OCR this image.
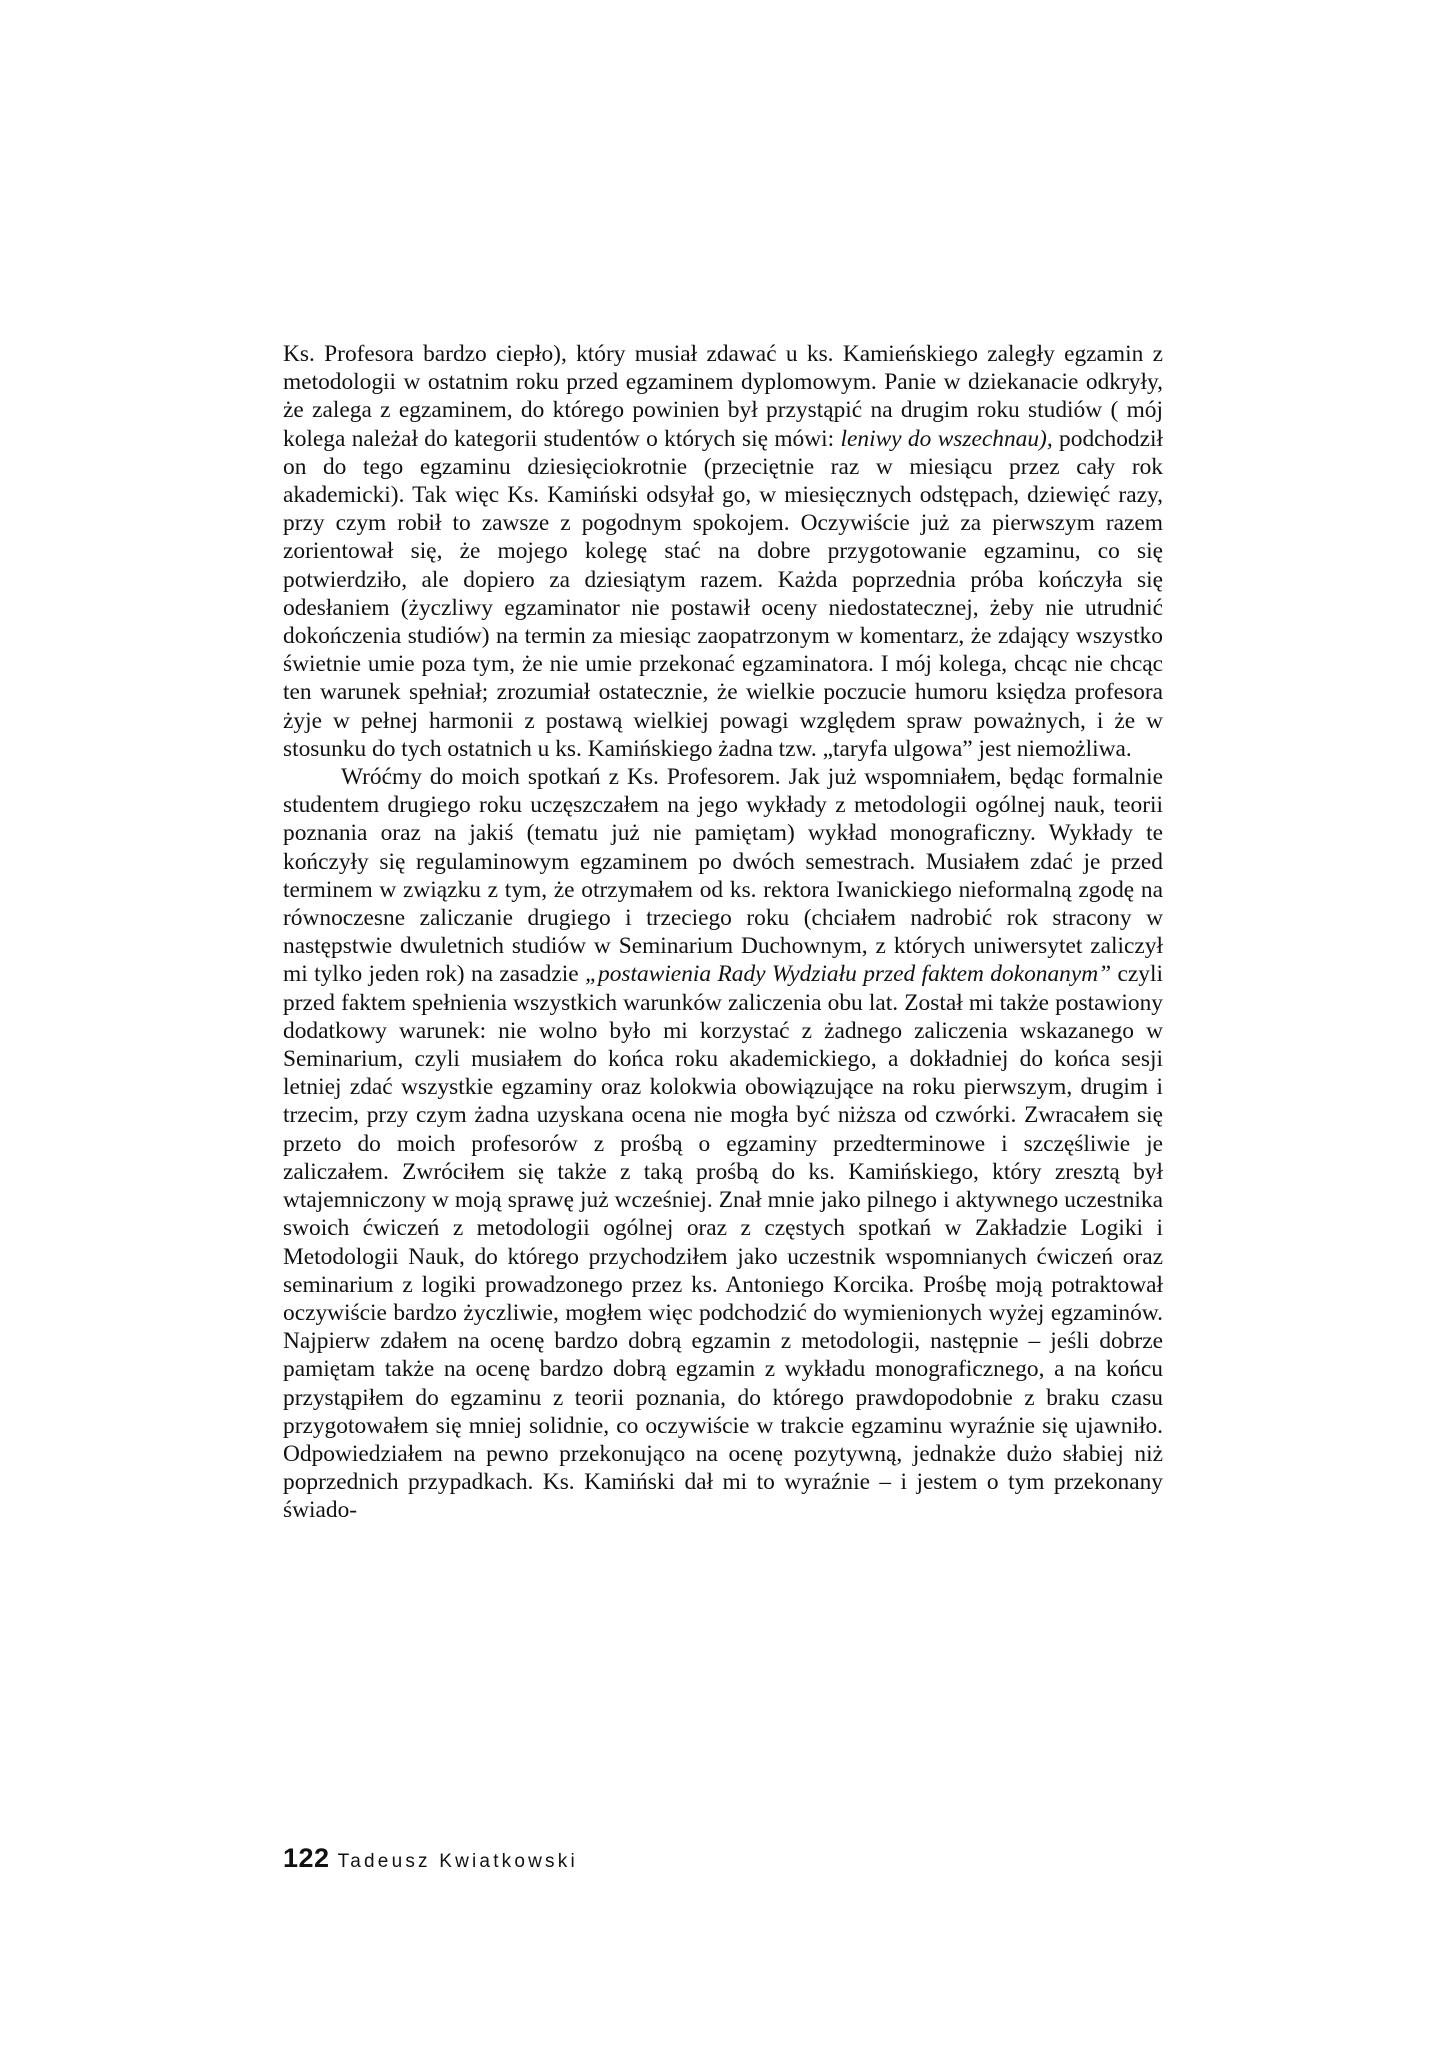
Ks. Profesora bardzo ciepło), który musiał zdawać u ks. Kamieńskiego zaległy egzamin z metodologii w ostatnim roku przed egzaminem dyplomowym. Panie w dziekanacie odkryły, że zalega z egzaminem, do którego powinien był przystąpić na drugim roku studiów ( mój kolega należał do kategorii studentów o których się mówi: leniwy do wszechnau), podchodził on do tego egzaminu dziesięciokrotnie (przeciętnie raz w miesiącu przez cały rok akademicki). Tak więc Ks. Kamiński odsyłał go, w miesięcznych odstępach, dziewięć razy, przy czym robił to zawsze z pogodnym spokojem. Oczywiście już za pierwszym razem zorientował się, że mojego kolegę stać na dobre przygotowanie egzaminu, co się potwierdziło, ale dopiero za dziesiątym razem. Każda poprzednia próba kończyła się odesłaniem (życzliwy egzaminator nie postawił oceny niedostatecznej, żeby nie utrudnić dokończenia studiów) na termin za miesiąc zaopatrzonym w komentarz, że zdający wszystko świetnie umie poza tym, że nie umie przekonać egzaminatora. I mój kolega, chcąc nie chcąc ten warunek spełniał; zrozumiał ostatecznie, że wielkie poczucie humoru księdza profesora żyje w pełnej harmonii z postawą wielkiej powagi względem spraw poważnych, i że w stosunku do tych ostatnich u ks. Kamińskiego żadna tzw. „taryfa ulgowa” jest niemożliwa.

Wróćmy do moich spotkań z Ks. Profesorem. Jak już wspomniałem, będąc formalnie studentem drugiego roku uczęszczałem na jego wykłady z metodologii ogólnej nauk, teorii poznania oraz na jakiś (tematu już nie pamiętam) wykład monograficzny. Wykłady te kończyły się regulaminowym egzaminem po dwóch semestrach. Musiałem zdać je przed terminem w związku z tym, że otrzymałem od ks. rektora Iwanickiego nieformalną zgodę na równoczesne zaliczanie drugiego i trzeciego roku (chciałem nadrobić rok stracony w następstwie dwuletnich studiów w Seminarium Duchownym, z których uniwersytet zaliczył mi tylko jeden rok) na zasadzie „postawienia Rady Wydziału przed faktem dokonanym” czyli przed faktem spełnienia wszystkich warunków zaliczenia obu lat. Został mi także postawiony dodatkowy warunek: nie wolno było mi korzystać z żadnego zaliczenia wskazanego w Seminarium, czyli musiałem do końca roku akademickiego, a dokładniej do końca sesji letniej zdać wszystkie egzaminy oraz kolokwia obowiązujące na roku pierwszym, drugim i trzecim, przy czym żadna uzyskana ocena nie mogła być niższa od czwórki. Zwracałem się przeto do moich profesorów z prośbą o egzaminy przedterminowe i szczęśliwie je zaliczałem. Zwróciłem się także z taką prośbą do ks. Kamińskiego, który zresztą był wtajemniczony w moją sprawę już wcześniej. Znał mnie jako pilnego i aktywnego uczestnika swoich ćwiczeń z metodologii ogólnej oraz z częstych spotkań w Zakładzie Logiki i Metodologii Nauk, do którego przychodziłem jako uczestnik wspomnianych ćwiczeń oraz seminarium z logiki prowadzonego przez ks. Antoniego Korcika. Prośbę moją potraktował oczywiście bardzo życzliwie, mogłem więc podchodzić do wymienionych wyżej egzaminów. Najpierw zdałem na ocenę bardzo dobrą egzamin z metodologii, następnie – jeśli dobrze pamiętam także na ocenę bardzo dobrą egzamin z wykładu monograficznego, a na końcu przystąpiłem do egzaminu z teorii poznania, do którego prawdopodobnie z braku czasu przygotowałem się mniej solidnie, co oczywiście w trakcie egzaminu wyraźnie się ujawniło. Odpowiedziałem na pewno przekonująco na ocenę pozytywną, jednakże dużo słabiej niż poprzednich przypadkach. Ks. Kamiński dał mi to wyraźnie – i jestem o tym przekonany świado-

122 Tadeusz Kwiatkowski
